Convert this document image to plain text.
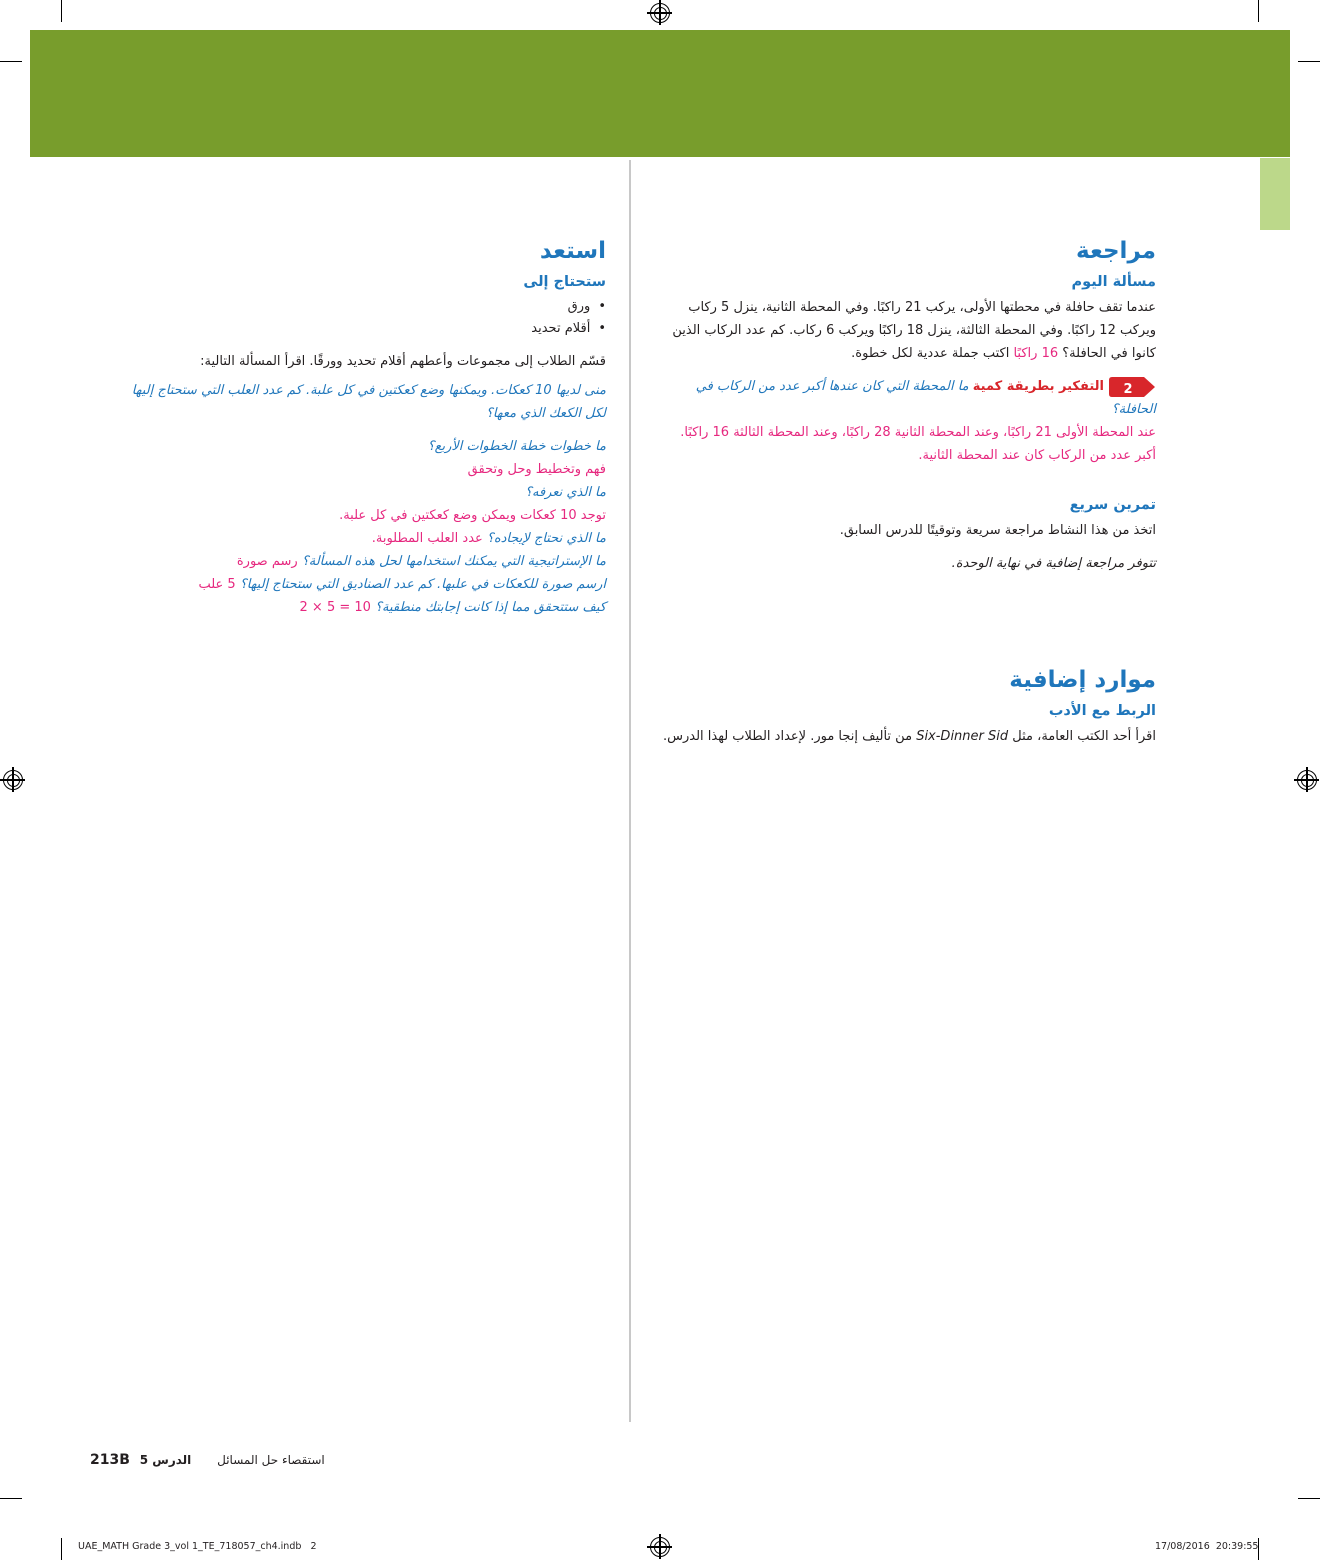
مراجعة
مسألة اليوم

عندما تقف حافلة في محطتها الأولى، يركب 21 راكبًا. وفي المحطة الثانية، ينزل 5 ركاب ويركب 12 راكبًا. وفي المحطة الثالثة، ينزل 18 راكبًا ويركب 6 ركاب. كم عدد الركاب الذين كانوا في الحافلة؟ 16 راكبًا اكتب جملة عددية لكل خطوة.

2
التفكير بطريقة كمية ما المحطة التي كان عندها أكبر عدد من الركاب في الحافلة؟

عند المحطة الأولى 21 راكبًا، وعند المحطة الثانية 28 راكبًا، وعند المحطة الثالثة 16 راكبًا. أكبر عدد من الركاب كان عند المحطة الثانية.

تمرين سريع

اتخذ من هذا النشاط مراجعة سريعة وتوقيتًا للدرس السابق.

تتوفر مراجعة إضافية في نهاية الوحدة.

موارد إضافية
الربط مع الأدب

اقرأ أحد الكتب العامة، مثل Six-Dinner Sid من تأليف إنجا مور. لإعداد الطلاب لهذا الدرس.

استعد
ستحتاج إلى
• ورق
• أقلام تحديد

قسّم الطلاب إلى مجموعات وأعطهم أقلام تحديد وورقًا. اقرأ المسألة التالية:

منى لديها 10 كعكات. ويمكنها وضع كعكتين في كل علبة. كم عدد العلب التي ستحتاج إليها لكل الكعك الذي معها؟

ما خطوات خطة الخطوات الأربع؟

فهم وتخطيط وحل وتحقق

ما الذي نعرفه؟

توجد 10 كعكات ويمكن وضع كعكتين في كل علبة.

ما الذي نحتاج لإيجاده؟ عدد العلب المطلوبة.

ما الإستراتيجية التي يمكنك استخدامها لحل هذه المسألة؟ رسم صورة

ارسم صورة للكعكات في علبها. كم عدد الصناديق التي ستحتاج إليها؟ 5 علب

كيف ستتحقق مما إذا كانت إجابتك منطقية؟ 2 × 5 = 10

213B	استقصاء حل المسائل الدرس 5
UAE_MATH Grade 3_vol 1_TE_718057_ch4.indb   2	17/08/2016 20:39:55
